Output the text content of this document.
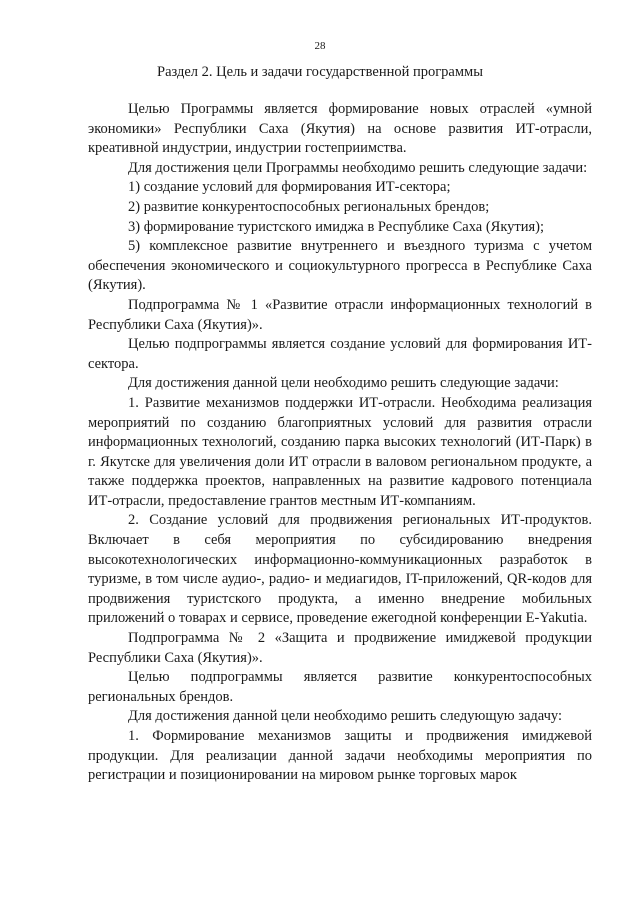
28
Раздел 2. Цель и задачи государственной программы

Целью Программы является формирование новых отраслей «умной экономики» Республики Саха (Якутия) на основе развития ИТ-отрасли, креативной индустрии, индустрии гостеприимства.

Для достижения цели Программы необходимо решить следующие задачи:

1) создание условий для формирования ИТ-сектора;

2) развитие конкурентоспособных региональных брендов;

3) формирование туристского имиджа в Республике Саха (Якутия);

5) комплексное развитие внутреннего и въездного туризма с учетом обеспечения экономического и социокультурного прогресса в Республике Саха (Якутия).

Подпрограмма № 1 «Развитие отрасли информационных технологий в Республики Саха (Якутия)».

Целью подпрограммы является создание условий для формирования ИТ-сектора.

Для достижения данной цели необходимо решить следующие задачи:

1. Развитие механизмов поддержки ИТ-отрасли. Необходима реализация мероприятий по созданию благоприятных условий для развития отрасли информационных технологий, созданию парка высоких технологий (ИТ-Парк) в г. Якутске для увеличения доли ИТ отрасли в валовом региональном продукте, а также поддержка проектов, направленных на развитие кадрового потенциала ИТ-отрасли, предоставление грантов местным ИТ-компаниям.

2. Создание условий для продвижения региональных ИТ-продуктов. Включает в себя мероприятия по субсидированию внедрения высокотехнологических информационно-коммуникационных разработок в туризме, в том числе аудио-, радио- и медиагидов, IT-приложений, QR-кодов для продвижения туристского продукта, а именно внедрение мобильных приложений о товарах и сервисе, проведение ежегодной конференции E-Yakutia.

Подпрограмма № 2 «Защита и продвижение имиджевой продукции Республики Саха (Якутия)».

Целью подпрограммы является развитие конкурентоспособных региональных брендов.

Для достижения данной цели необходимо решить следующую задачу:

1. Формирование механизмов защиты и продвижения имиджевой продукции. Для реализации данной задачи необходимы мероприятия по регистрации и позиционировании на мировом рынке торговых марок
